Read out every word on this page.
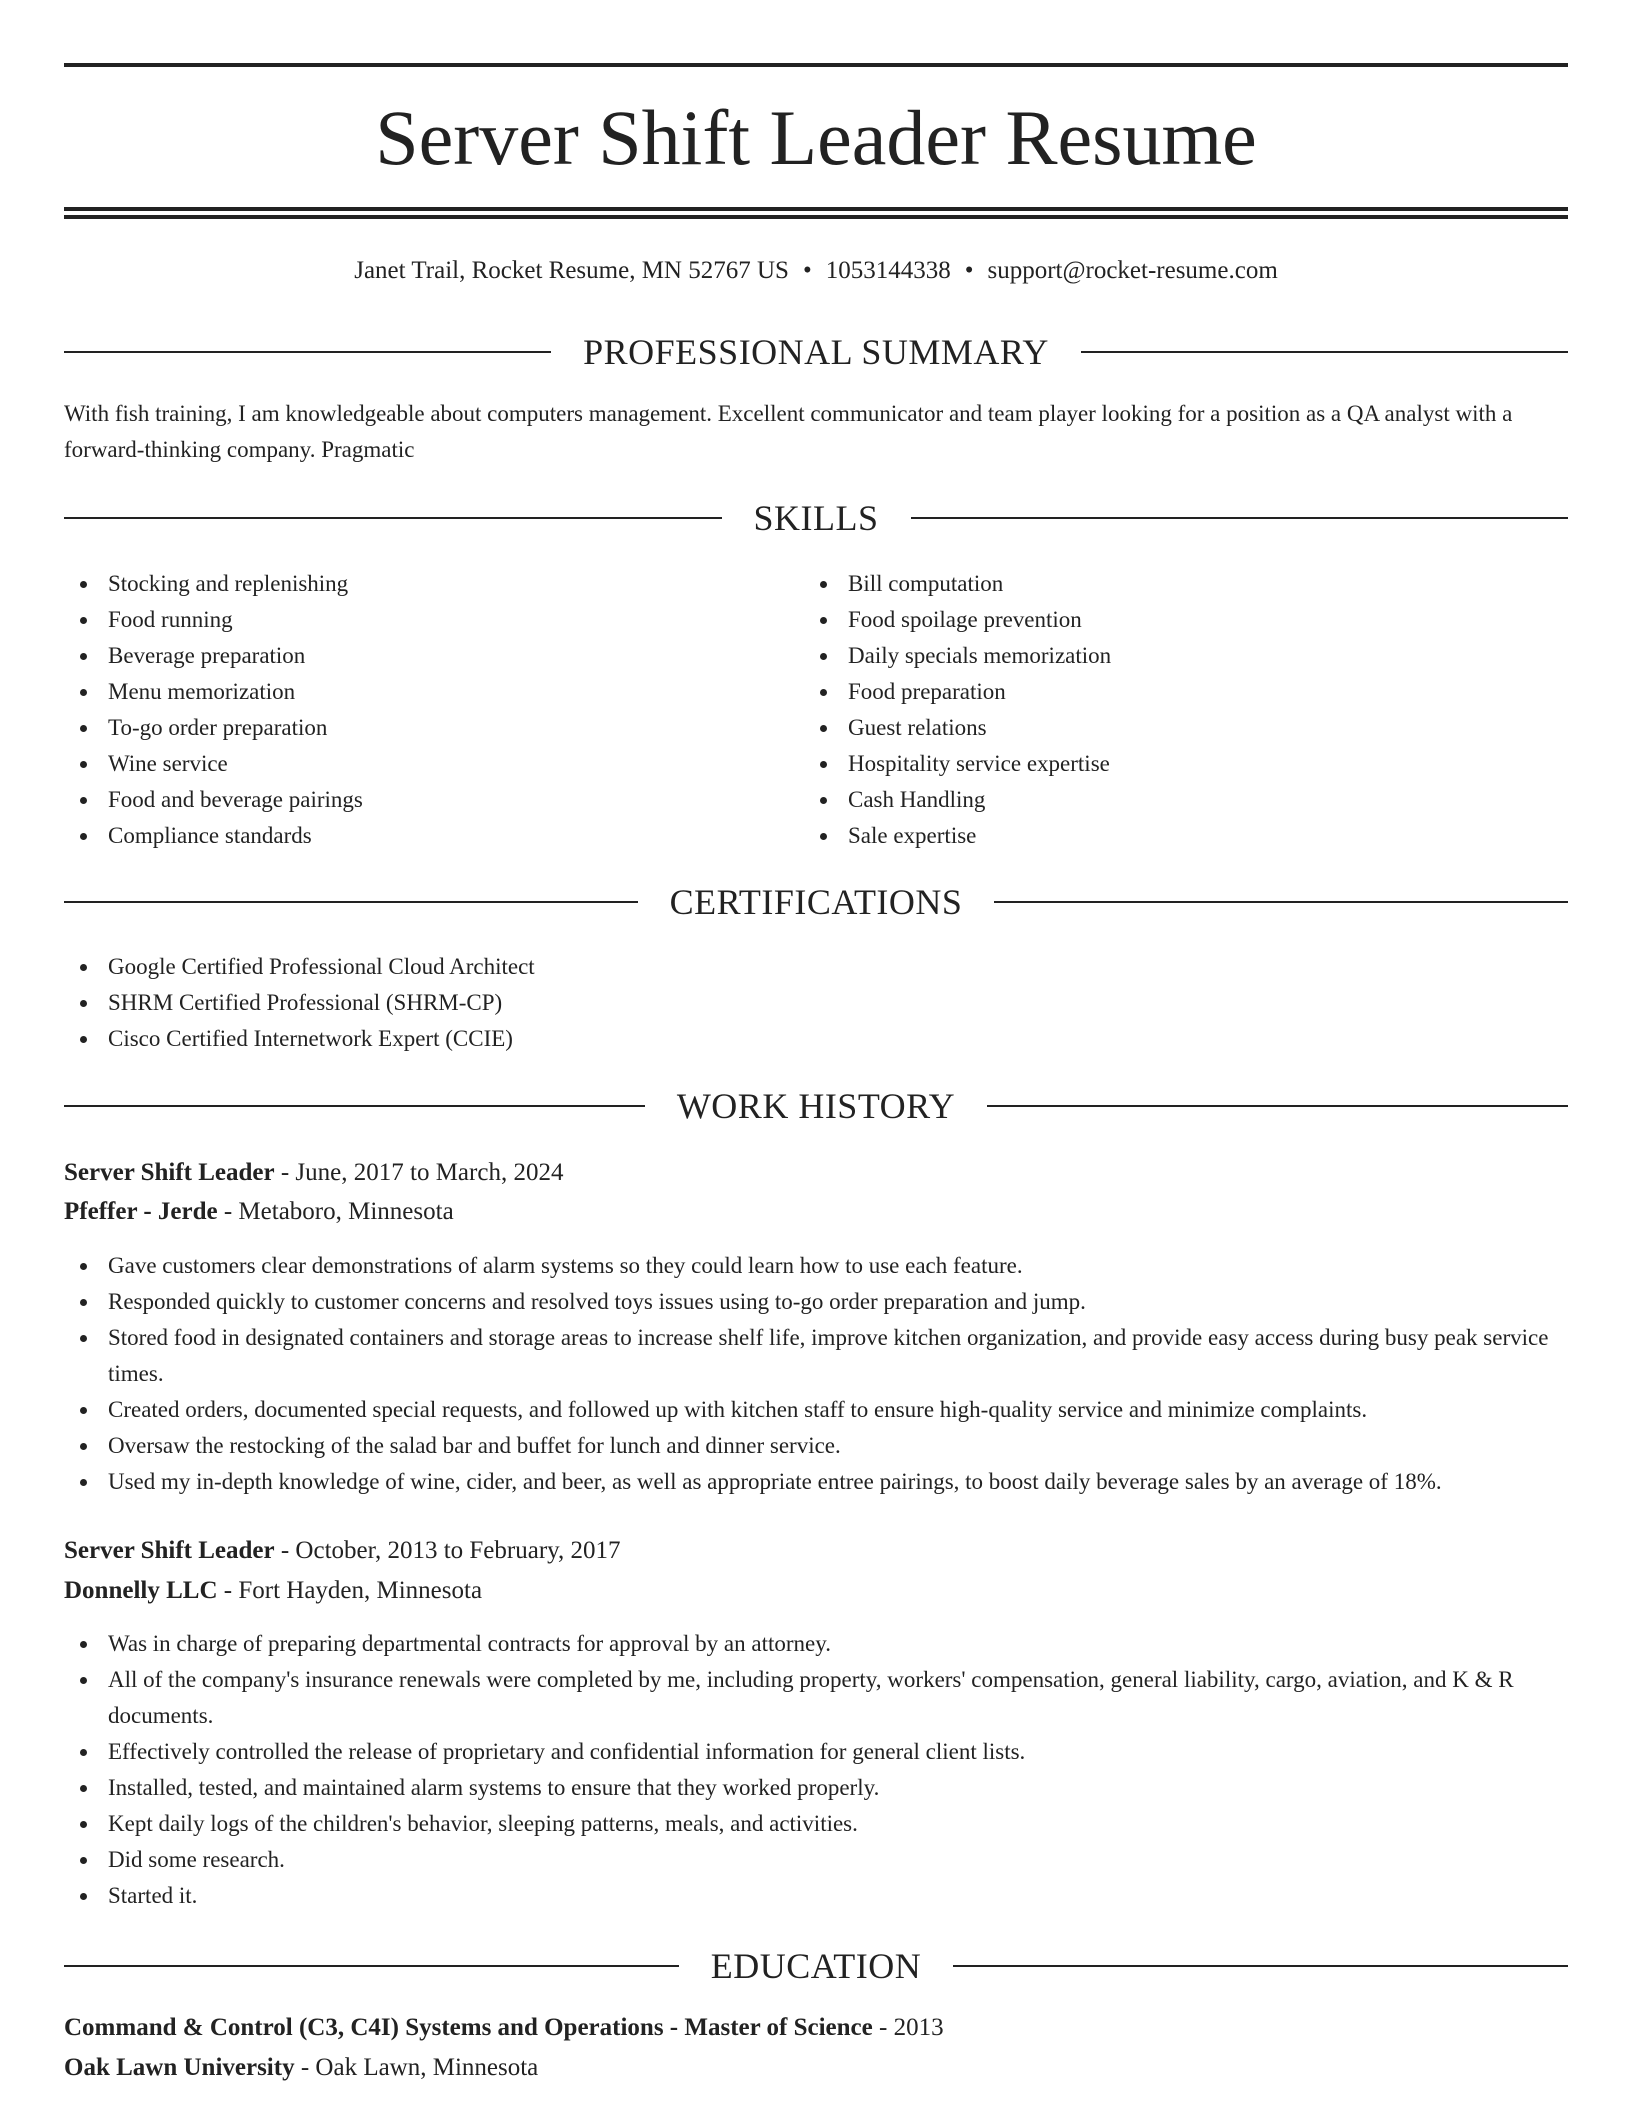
Server Shift Leader Resume
Janet Trail, Rocket Resume, MN 52767 US • 1053144338 • support@rocket-resume.com
PROFESSIONAL SUMMARY
With fish training, I am knowledgeable about computers management. Excellent communicator and team player looking for a position as a QA analyst with a forward-thinking company. Pragmatic
SKILLS
Stocking and replenishing
Food running
Beverage preparation
Menu memorization
To-go order preparation
Wine service
Food and beverage pairings
Compliance standards
Bill computation
Food spoilage prevention
Daily specials memorization
Food preparation
Guest relations
Hospitality service expertise
Cash Handling
Sale expertise
CERTIFICATIONS
Google Certified Professional Cloud Architect
SHRM Certified Professional (SHRM-CP)
Cisco Certified Internetwork Expert (CCIE)
WORK HISTORY
Server Shift Leader - June, 2017 to March, 2024
Pfeffer - Jerde - Metaboro, Minnesota
Gave customers clear demonstrations of alarm systems so they could learn how to use each feature.
Responded quickly to customer concerns and resolved toys issues using to-go order preparation and jump.
Stored food in designated containers and storage areas to increase shelf life, improve kitchen organization, and provide easy access during busy peak service times.
Created orders, documented special requests, and followed up with kitchen staff to ensure high-quality service and minimize complaints.
Oversaw the restocking of the salad bar and buffet for lunch and dinner service.
Used my in-depth knowledge of wine, cider, and beer, as well as appropriate entree pairings, to boost daily beverage sales by an average of 18%.
Server Shift Leader - October, 2013 to February, 2017
Donnelly LLC - Fort Hayden, Minnesota
Was in charge of preparing departmental contracts for approval by an attorney.
All of the company's insurance renewals were completed by me, including property, workers' compensation, general liability, cargo, aviation, and K & R documents.
Effectively controlled the release of proprietary and confidential information for general client lists.
Installed, tested, and maintained alarm systems to ensure that they worked properly.
Kept daily logs of the children's behavior, sleeping patterns, meals, and activities.
Did some research.
Started it.
EDUCATION
Command & Control (C3, C4I) Systems and Operations - Master of Science - 2013
Oak Lawn University - Oak Lawn, Minnesota
